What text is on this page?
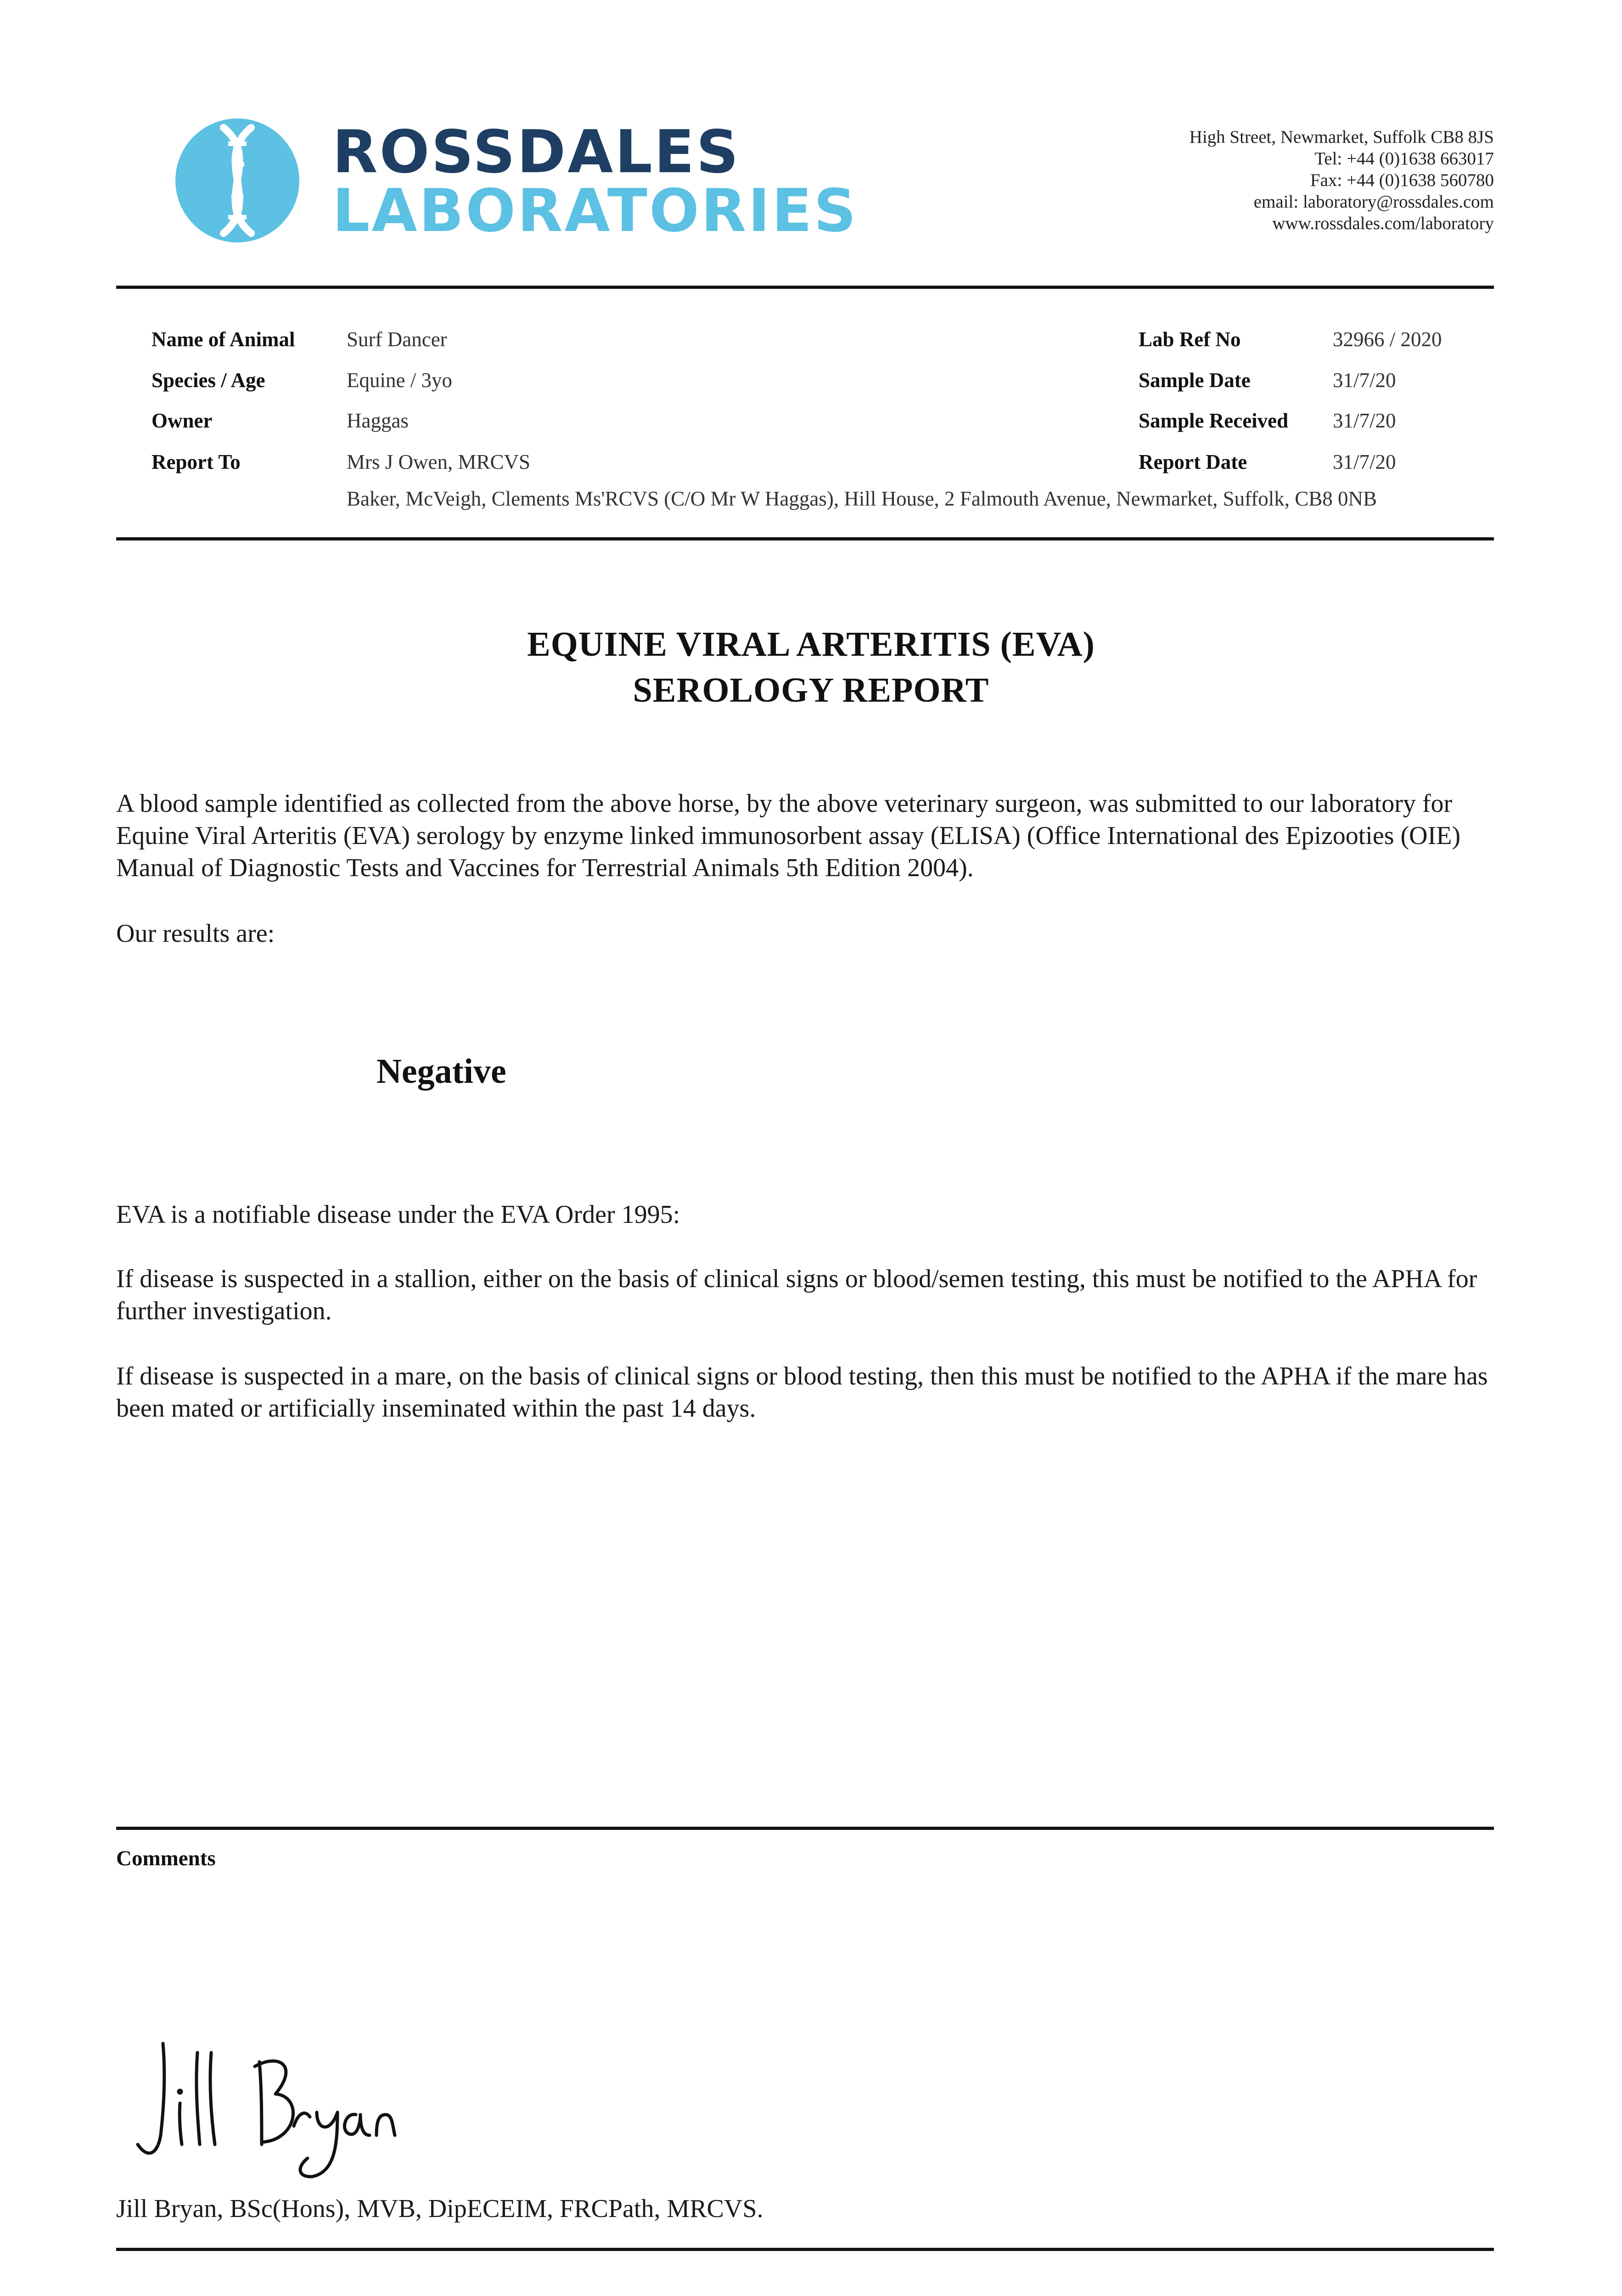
ROSSDALES
LABORATORIES
High Street, Newmarket, Suffolk CB8 8JS
Tel: +44 (0)1638 663017
Fax: +44 (0)1638 560780
email: laboratory@rossdales.com
www.rossdales.com/laboratory
Name of Animal	Surf Dancer
Species / Age	Equine / 3yo
Owner	Haggas
Report To	Mrs J Owen, MRCVS
Baker, McVeigh, Clements Ms'RCVS (C/O Mr W Haggas), Hill House, 2 Falmouth Avenue, Newmarket, Suffolk, CB8 0NB
Lab Ref No	32966 / 2020
Sample Date	31/7/20
Sample Received 31/7/20
Report Date	31/7/20
EQUINE VIRAL ARTERITIS (EVA)
SEROLOGY REPORT
A blood sample identified as collected from the above horse, by the above veterinary surgeon, was submitted to our laboratory for Equine Viral Arteritis (EVA) serology by enzyme linked immunosorbent assay (ELISA) (Office International des Epizooties (OIE) Manual of Diagnostic Tests and Vaccines for Terrestrial Animals 5th Edition 2004).
Our results are:
Negative
EVA is a notifiable disease under the EVA Order 1995:
If disease is suspected in a stallion, either on the basis of clinical signs or blood/semen testing, this must be notified to the APHA for further investigation.
If disease is suspected in a mare, on the basis of clinical signs or blood testing, then this must be notified to the APHA if the mare has been mated or artificially inseminated within the past 14 days.
Comments
Jill Bryan, BSc(Hons), MVB, DipECEIM, FRCPath, MRCVS.
